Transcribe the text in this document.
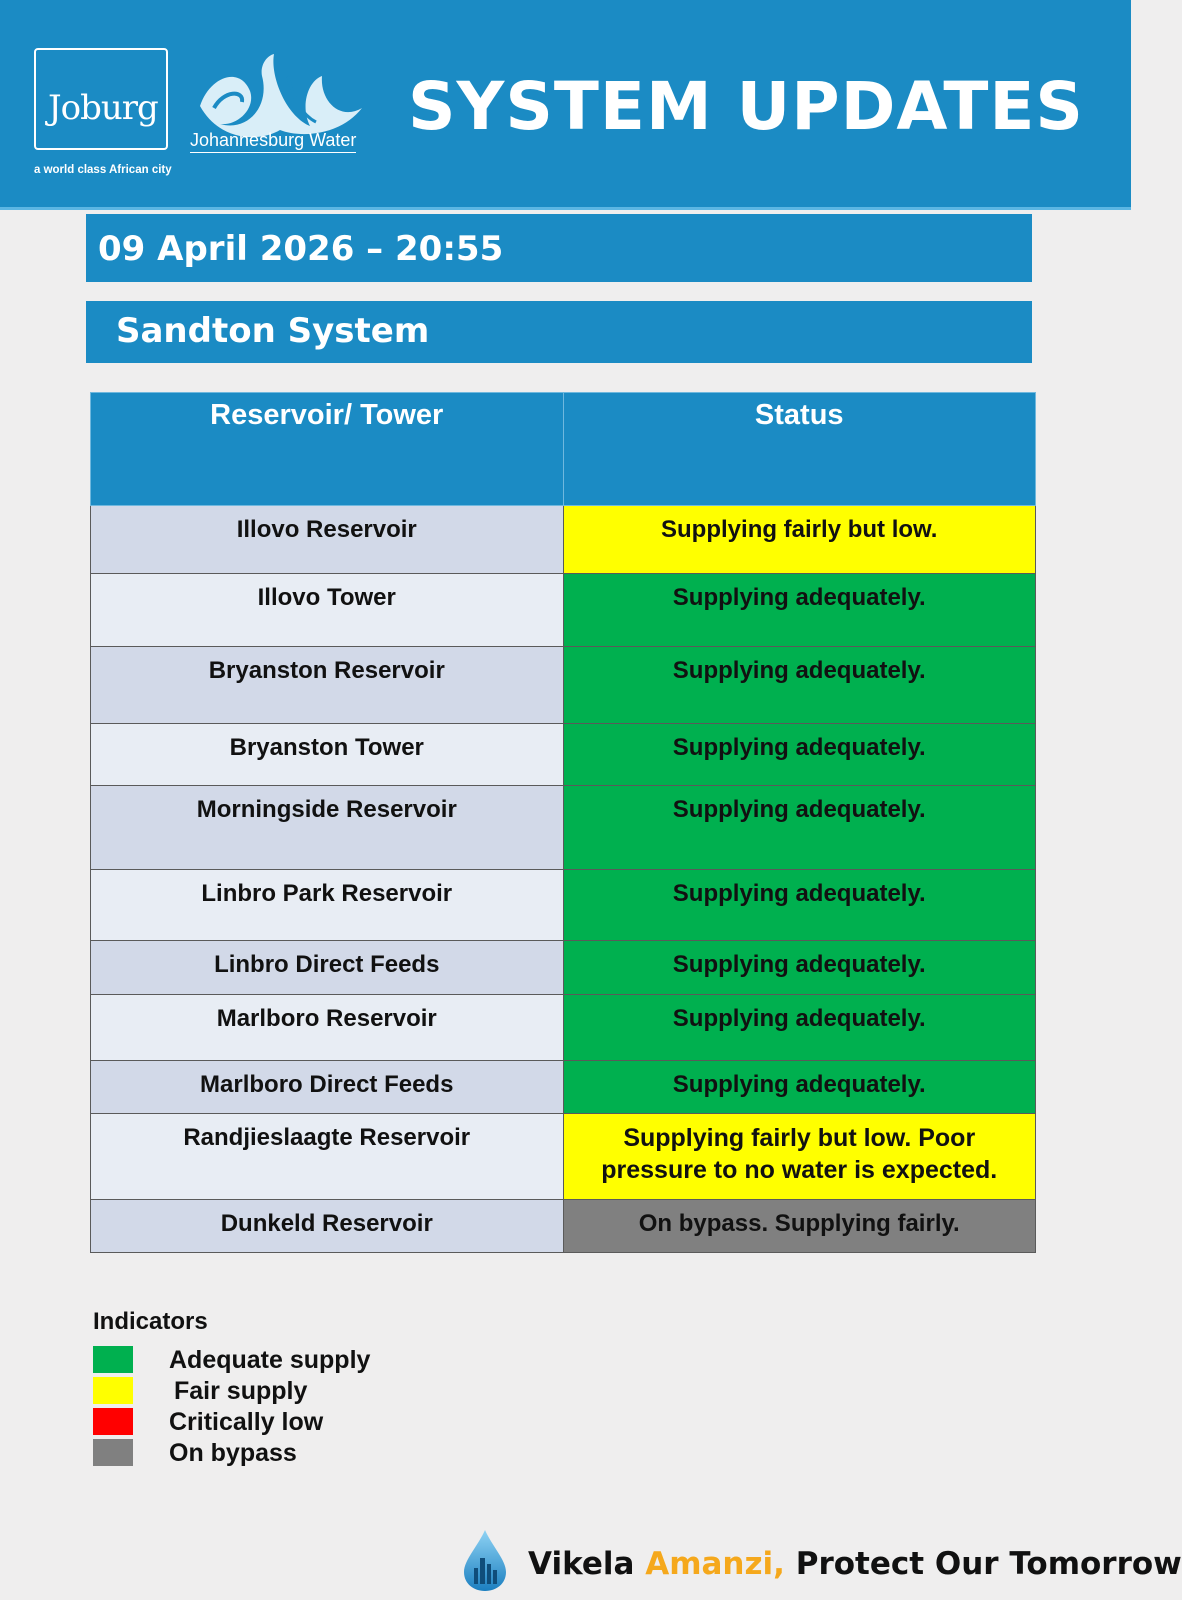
Joburg
a world class African city
Johannesburg Water SYSTEM UPDATES
09 April 2026 – 20:55
Sandton System
Reservoir/ Tower	Status
Illovo Reservoir	Supplying fairly but low.
Illovo Tower	Supplying adequately.
Bryanston Reservoir	Supplying adequately.
Bryanston Tower	Supplying adequately.
Morningside Reservoir	Supplying adequately.
Linbro Park Reservoir	Supplying adequately.
Linbro Direct Feeds	Supplying adequately.
Marlboro Reservoir	Supplying adequately.
Marlboro Direct Feeds	Supplying adequately.
Randjieslaagte Reservoir	Supplying fairly but low. Poor pressure to no water is expected.
Dunkeld Reservoir	On bypass. Supplying fairly.
Indicators
Adequate supply
Fair supply
Critically low
On bypass
Vikela Amanzi, Protect Our Tomorrow
